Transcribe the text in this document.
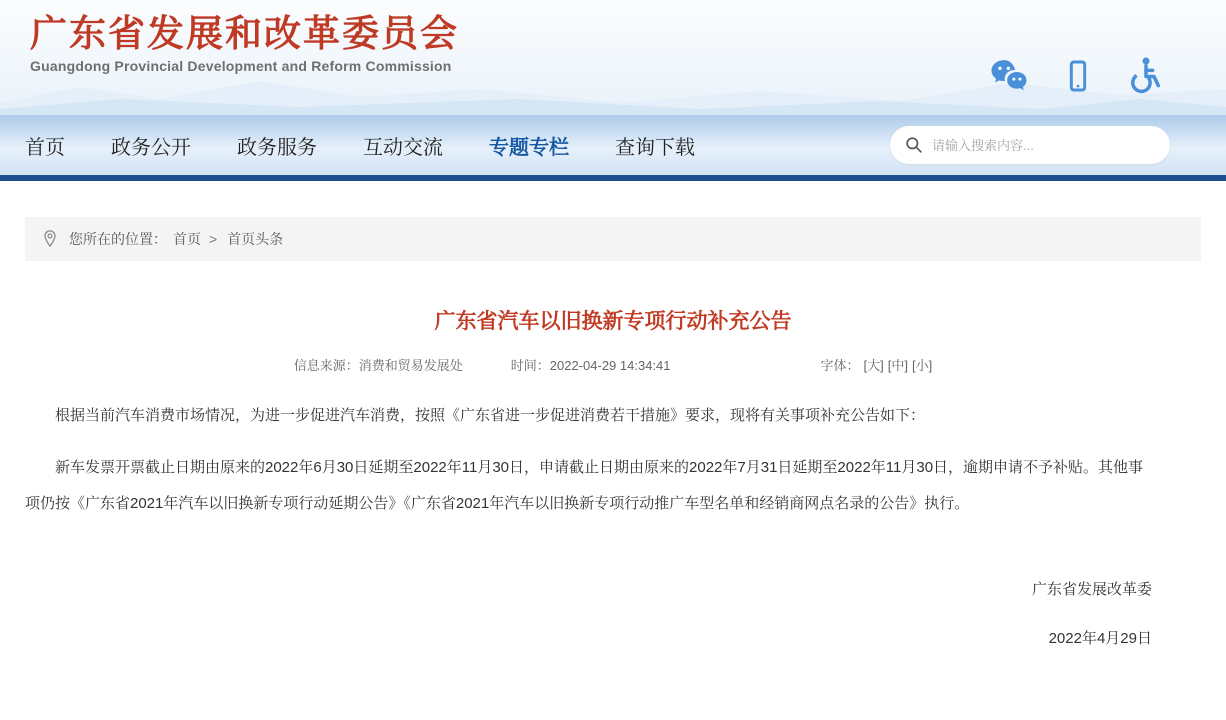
广东省发展和改革委员会
Guangdong Provincial Development and Reform Commission
首页 政务公开 政务服务 互动交流 专题专栏 查询下载
请输入搜索内容...
您所在的位置： 首页 > 首页头条
广东省汽车以旧换新专项行动补充公告
信息来源：消费和贸易发展处	时间：2022-04-29 14:34:41	字体： [大] [中] [小]

根据当前汽车消费市场情况，为进一步促进汽车消费，按照《广东省进一步促进消费若干措施》要求，现将有关事项补充公告如下：

新车发票开票截止日期由原来的2022年6月30日延期至2022年11月30日，申请截止日期由原来的2022年7月31日延期至2022年11月30日，逾期申请不予补贴。其他事项仍按《广东省2021年汽车以旧换新专项行动延期公告》《广东省2021年汽车以旧换新专项行动推广车型名单和经销商网点名录的公告》执行。

广东省发展改革委
2022年4月29日
